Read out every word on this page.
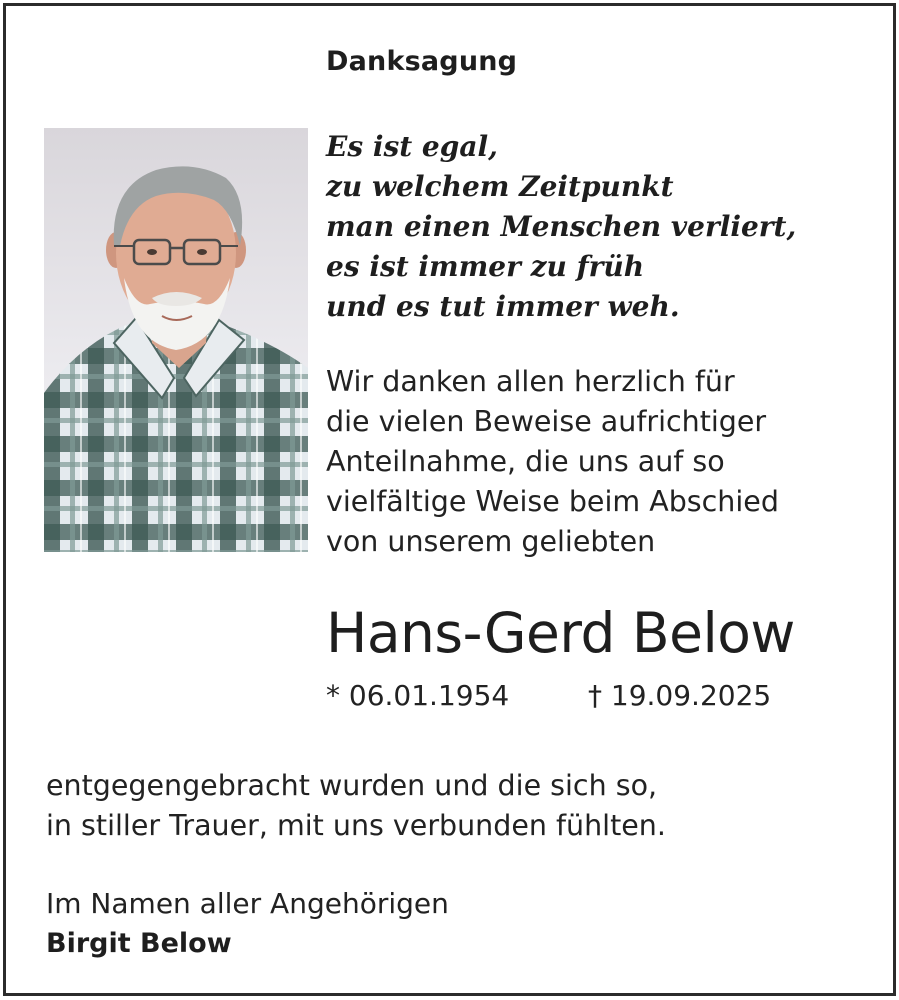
Danksagung
Es ist egal,
zu welchem Zeitpunkt
man einen Menschen verliert,
es ist immer zu früh
und es tut immer weh.
Wir danken allen herzlich für
die vielen Beweise aufrichtiger
Anteilnahme, die uns auf so
vielfältige Weise beim Abschied
von unserem geliebten
Hans-Gerd Below
* 06.01.1954	† 19.09.2025
entgegengebracht wurden und die sich so,
in stiller Trauer, mit uns verbunden fühlten.
Im Namen aller Angehörigen
Birgit Below
